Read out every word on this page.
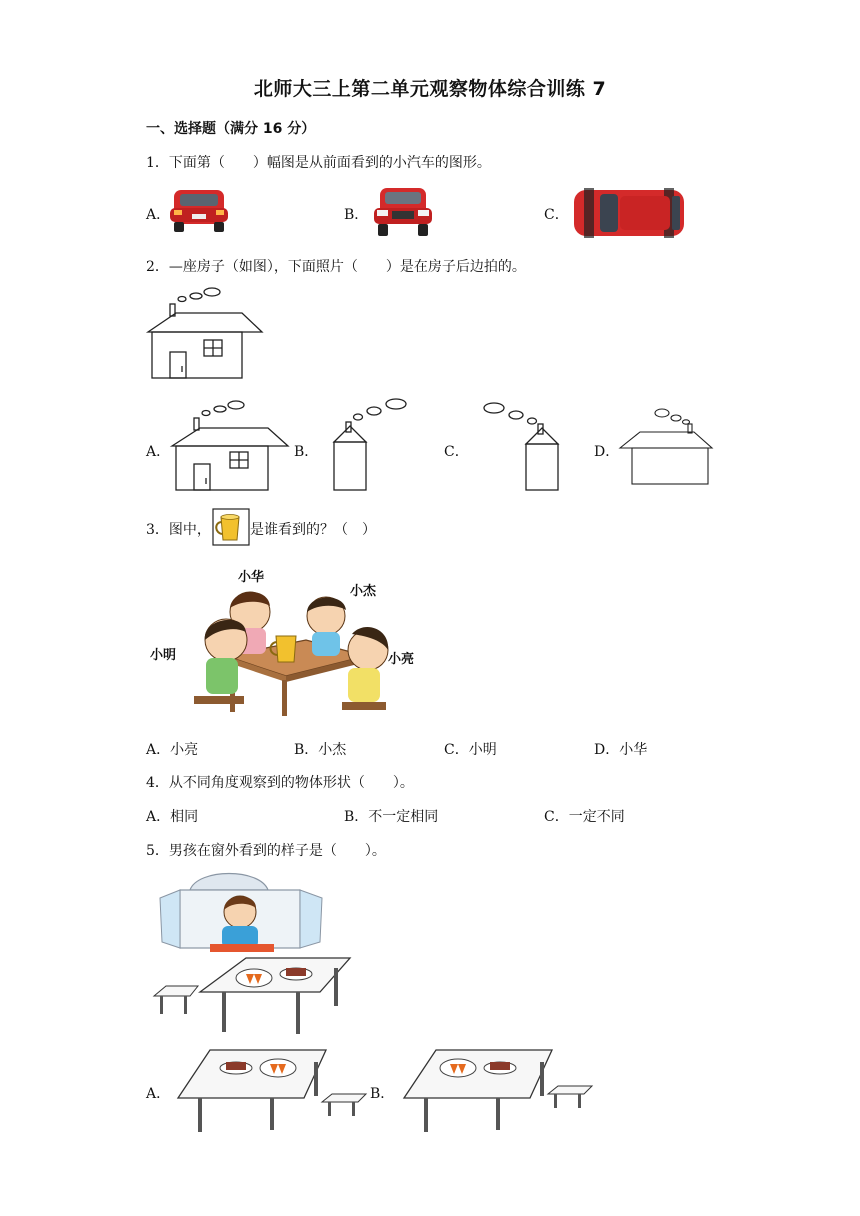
北师大三上第二单元观察物体综合训练 7
一、选择题（满分 16 分）
1．下面第（　　）幅图是从前面看到的小汽车的图形。
A．	B．	C．
2．—座房子（如图），下面照片（　　）是在房子后边拍的。
A．	B．	C．	D．
3．图中，	是谁看到的？（　）
小华
小杰
小明	小亮
A．小亮	B．小杰	C．小明	D．小华
4．从不同角度观察到的物体形状（　　）。
A．相同	B．不一定相同	C．一定不同
5．男孩在窗外看到的样子是（　　）。
A．	B．
